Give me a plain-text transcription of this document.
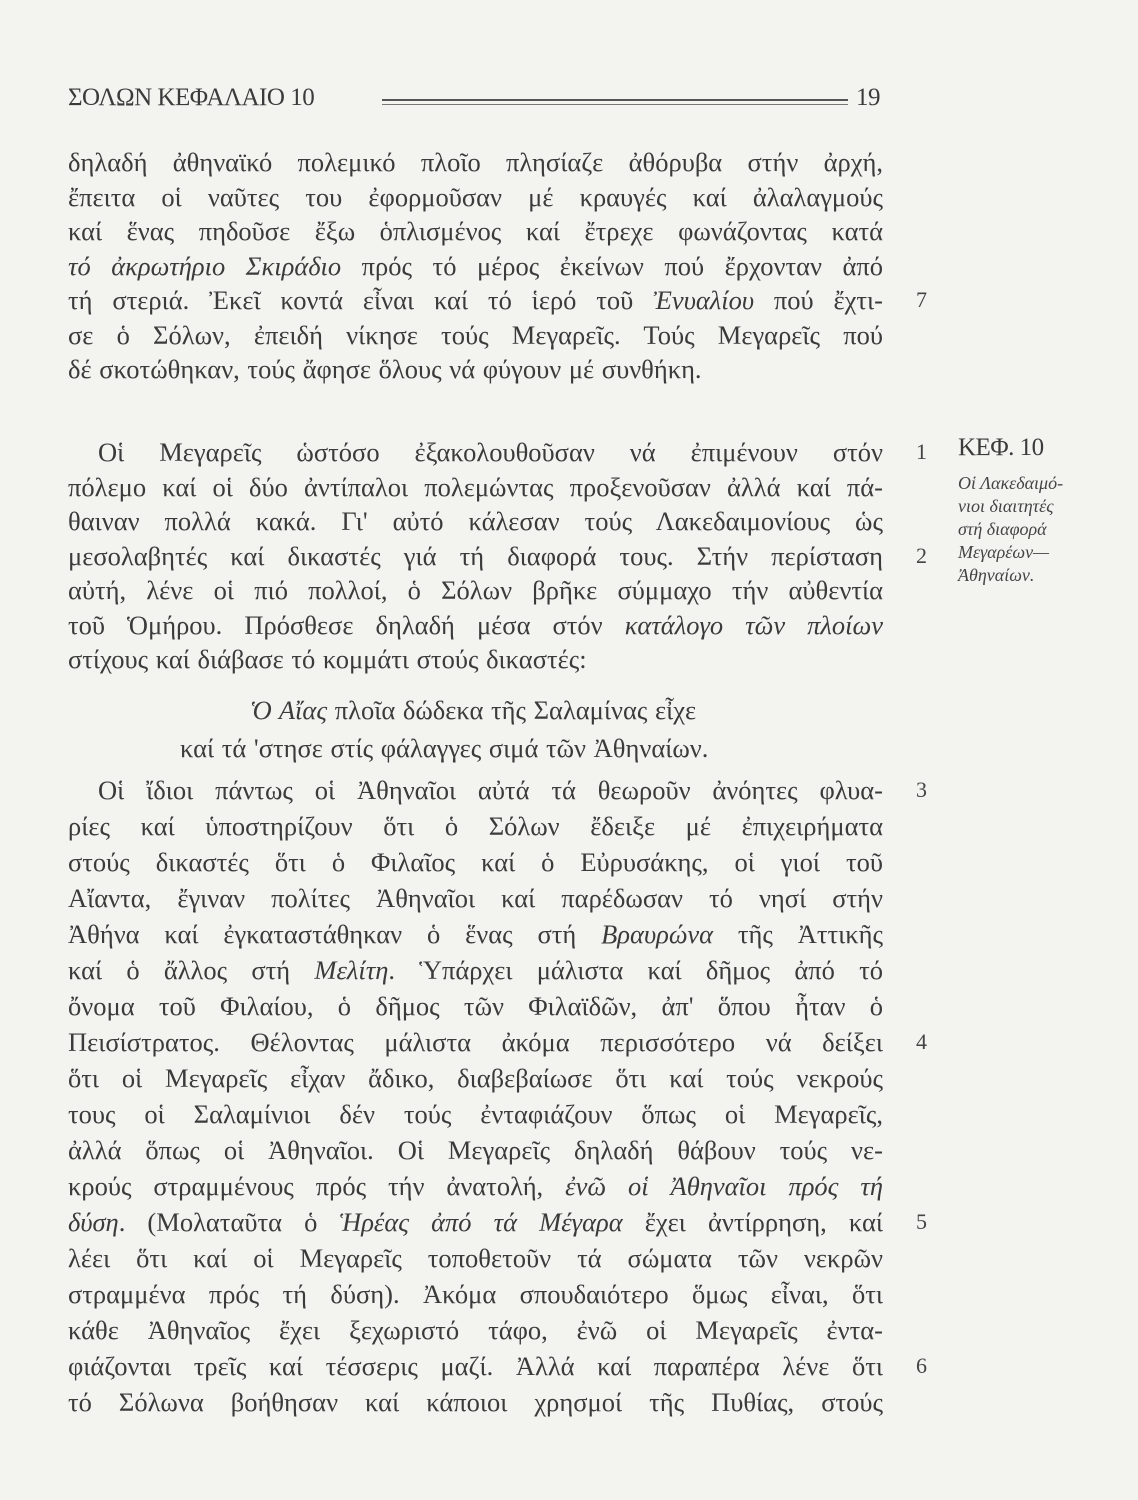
ΣΟΛΩΝ ΚΕΦΑΛΑΙΟ 10	19
ΚΕΦ. 10
Οἱ Λακεδαιμό-
νιοι διαιτητές
στή διαφορά
Μεγαρέων—
Ἀθηναίων.
δηλαδή ἀθηναϊκό πολεμικό πλοῖο πλησίαζε ἀθόρυβα στήν ἀρχή,
ἔπειτα οἱ ναῦτες του ἐφορμοῦσαν μέ κραυγές καί ἀλαλαγμούς
καί ἕνας πηδοῦσε ἔξω ὁπλισμένος καί ἔτρεχε φωνάζοντας κατά
τό ἀκρωτήριο Σκιράδιο πρός τό μέρος ἐκείνων πού ἔρχονταν ἀπό
τή στεριά. Ἐκεῖ κοντά εἶναι καί τό ἱερό τοῦ Ἐνυαλίου πού ἔχτι- 7
σε ὁ Σόλων, ἐπειδή νίκησε τούς Μεγαρεῖς. Τούς Μεγαρεῖς πού
δέ σκοτώθηκαν, τούς ἄφησε ὅλους νά φύγουν μέ συνθήκη.
Οἱ Μεγαρεῖς ὡστόσο ἐξακολουθοῦσαν νά ἐπιμένουν στόν 1
πόλεμο καί οἱ δύο ἀντίπαλοι πολεμώντας προξενοῦσαν ἀλλά καί πά-
θαιναν πολλά κακά. Γι' αὐτό κάλεσαν τούς Λακεδαιμονίους ὡς
μεσολαβητές καί δικαστές γιά τή διαφορά τους. Στήν περίσταση 2
αὐτή, λένε οἱ πιό πολλοί, ὁ Σόλων βρῆκε σύμμαχο τήν αὐθεντία
τοῦ Ὁμήρου. Πρόσθεσε δηλαδή μέσα στόν κατάλογο τῶν πλοίων
στίχους καί διάβασε τό κομμάτι στούς δικαστές:
Ὁ Αἴας πλοῖα δώδεκα τῆς Σαλαμίνας εἶχε
καί τά 'στησε στίς φάλαγγες σιμά τῶν Ἀθηναίων.
Οἱ ἴδιοι πάντως οἱ Ἀθηναῖοι αὐτά τά θεωροῦν ἀνόητες φλυα- 3
ρίες καί ὑποστηρίζουν ὅτι ὁ Σόλων ἔδειξε μέ ἐπιχειρήματα
στούς δικαστές ὅτι ὁ Φιλαῖος καί ὁ Εὐρυσάκης, οἱ γιοί τοῦ
Αἴαντα, ἔγιναν πολίτες Ἀθηναῖοι καί παρέδωσαν τό νησί στήν
Ἀθήνα καί ἐγκαταστάθηκαν ὁ ἕνας στή Βραυρώνα τῆς Ἀττικῆς
καί ὁ ἄλλος στή Μελίτη. Ὑπάρχει μάλιστα καί δῆμος ἀπό τό
ὄνομα τοῦ Φιλαίου, ὁ δῆμος τῶν Φιλαϊδῶν, ἀπ' ὅπου ἦταν ὁ
Πεισίστρατος. Θέλοντας μάλιστα ἀκόμα περισσότερο νά δείξει 4
ὅτι οἱ Μεγαρεῖς εἶχαν ἄδικο, διαβεβαίωσε ὅτι καί τούς νεκρούς
τους οἱ Σαλαμίνιοι δέν τούς ἐνταφιάζουν ὅπως οἱ Μεγαρεῖς,
ἀλλά ὅπως οἱ Ἀθηναῖοι. Οἱ Μεγαρεῖς δηλαδή θάβουν τούς νε-
κρούς στραμμένους πρός τήν ἀνατολή, ἐνῶ οἱ Ἀθηναῖοι πρός τή
δύση. (Μολαταῦτα ὁ Ἡρέας ἀπό τά Μέγαρα ἔχει ἀντίρρηση, καί 5
λέει ὅτι καί οἱ Μεγαρεῖς τοποθετοῦν τά σώματα τῶν νεκρῶν
στραμμένα πρός τή δύση). Ἀκόμα σπουδαιότερο ὅμως εἶναι, ὅτι
κάθε Ἀθηναῖος ἔχει ξεχωριστό τάφο, ἐνῶ οἱ Μεγαρεῖς ἐντα-
φιάζονται τρεῖς καί τέσσερις μαζί. Ἀλλά καί παραπέρα λένε ὅτι 6
τό Σόλωνα βοήθησαν καί κάποιοι χρησμοί τῆς Πυθίας, στούς
